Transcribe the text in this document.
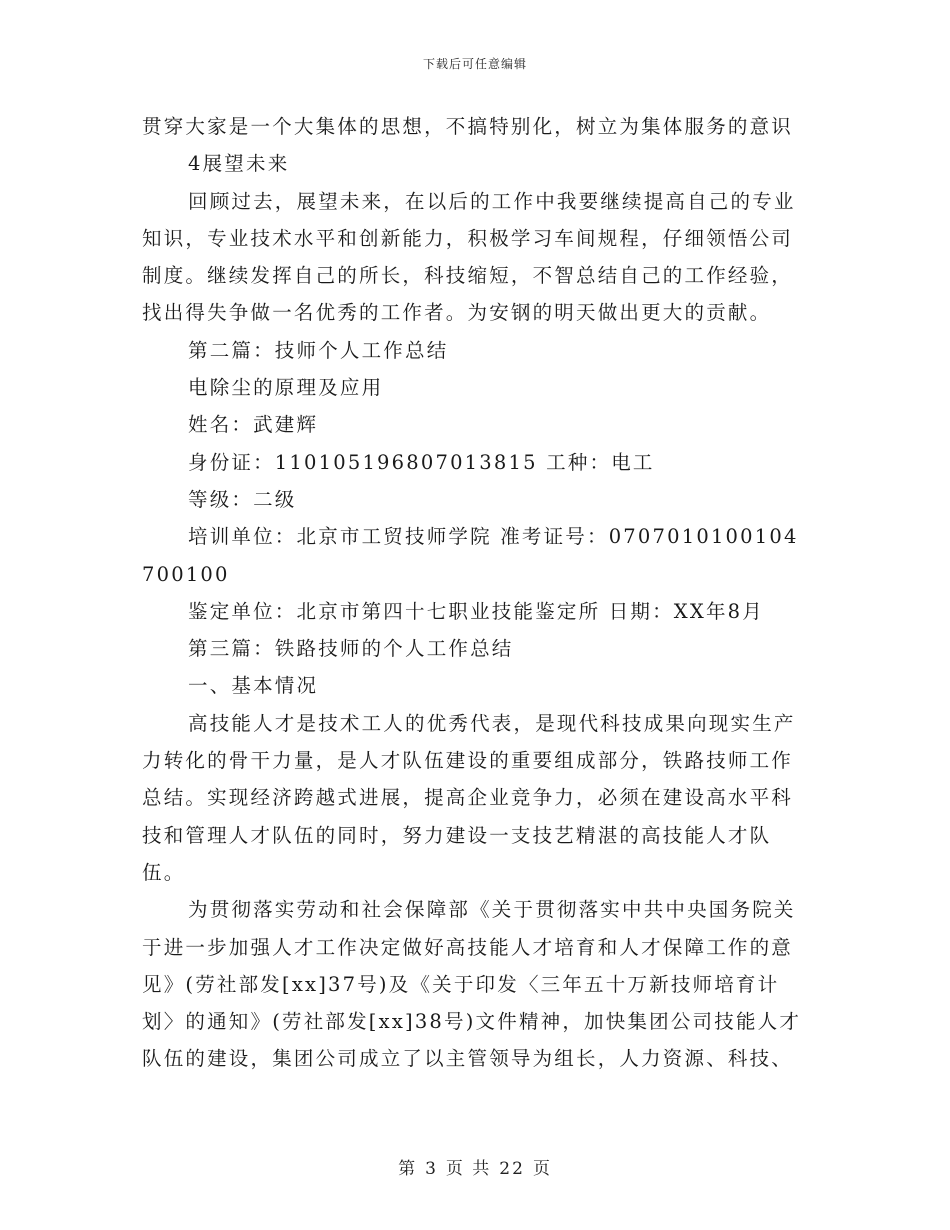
下载后可任意编辑

贯穿大家是一个大集体的思想，不搞特别化，树立为集体服务的意识

4展望未来

回顾过去，展望未来，在以后的工作中我要继续提高自己的专业知识，专业技术水平和创新能力，积极学习车间规程，仔细领悟公司制度。继续发挥自己的所长，科技缩短，不智总结自己的工作经验，找出得失争做一名优秀的工作者。为安钢的明天做出更大的贡献。

第二篇：技师个人工作总结

电除尘的原理及应用

姓名：武建辉

身份证：110105196807013815 工种：电工

等级：二级

培训单位：北京市工贸技师学院 准考证号：0707010100104700100

鉴定单位：北京市第四十七职业技能鉴定所 日期：XX年8月

第三篇：铁路技师的个人工作总结

一、基本情况

高技能人才是技术工人的优秀代表，是现代科技成果向现实生产力转化的骨干力量，是人才队伍建设的重要组成部分，铁路技师工作总结。实现经济跨越式进展，提高企业竞争力，必须在建设高水平科技和管理人才队伍的同时，努力建设一支技艺精湛的高技能人才队伍。

为贯彻落实劳动和社会保障部《关于贯彻落实中共中央国务院关于进一步加强人才工作决定做好高技能人才培育和人才保障工作的意见》(劳社部发[xx]37号)及《关于印发〈三年五十万新技师培育计划〉的通知》(劳社部发[xx]38号)文件精神，加快集团公司技能人才队伍的建设，集团公司成立了以主管领导为组长，人力资源、科技、

第 3 页 共 22 页
